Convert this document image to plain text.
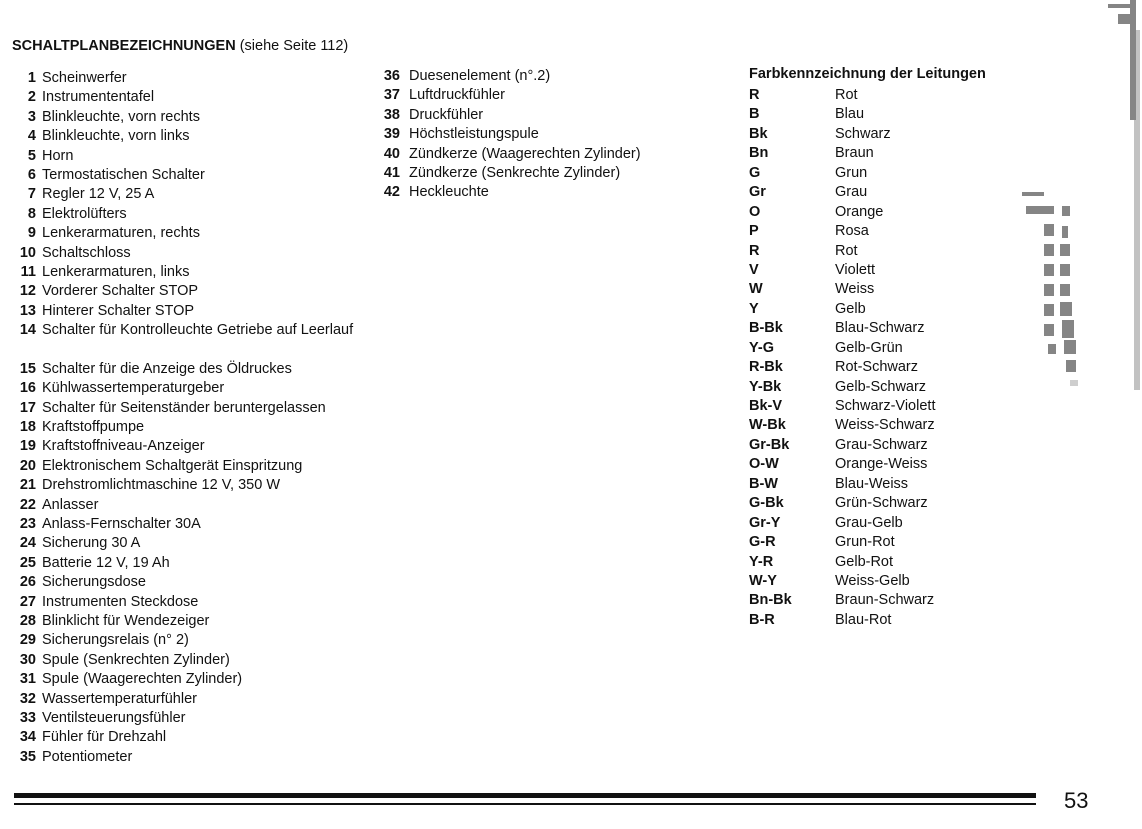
SCHALTPLANBEZEICHNUNGEN (siehe Seite 112)
1 Scheinwerfer
2 Instrumententafel
3 Blinkleuchte, vorn rechts
4 Blinkleuchte, vorn links
5 Horn
6 Termostatischen Schalter
7 Regler 12 V, 25 A
8 Elektrolüfters
9 Lenkerarmaturen, rechts
10 Schaltschloss
11 Lenkerarmaturen, links
12 Vorderer Schalter STOP
13 Hinterer Schalter STOP
14 Schalter für Kontrolleuchte Getriebe auf Leerlauf
15 Schalter für die Anzeige des Öldruckes
16 Kühlwassertemperaturgeber
17 Schalter für Seitenständer beruntergelassen
18 Kraftstoffpumpe
19 Kraftstoffniveau-Anzeiger
20 Elektronischem Schaltgerät Einspritzung
21 Drehstromlichtmaschine 12 V, 350 W
22 Anlasser
23 Anlass-Fernschalter 30A
24 Sicherung 30 A
25 Batterie 12 V, 19 Ah
26 Sicherungsdose
27 Instrumenten Steckdose
28 Blinklicht für Wendezeiger
29 Sicherungsrelais (n° 2)
30 Spule (Senkrechten Zylinder)
31 Spule (Waagerechten Zylinder)
32 Wassertemperaturfühler
33 Ventilsteuerungsfühler
34 Fühler für Drehzahl
35 Potentiometer
36 Duesenelement (n°.2)
37 Luftdruckfühler
38 Druckfühler
39 Höchstleistungspule
40 Zündkerze (Waagerechten Zylinder)
41 Zündkerze (Senkrechte Zylinder)
42 Heckleuchte
Farbkennzeichnung der Leitungen
R	Rot
B	Blau
Bk	Schwarz
Bn	Braun
G	Grun
Gr	Grau
O	Orange
P	Rosa
R	Rot
V	Violett
W	Weiss
Y	Gelb
B-Bk	Blau-Schwarz
Y-G	Gelb-Grün
R-Bk	Rot-Schwarz
Y-Bk	Gelb-Schwarz
Bk-V	Schwarz-Violett
W-Bk	Weiss-Schwarz
Gr-Bk	Grau-Schwarz
O-W	Orange-Weiss
B-W	Blau-Weiss
G-Bk	Grün-Schwarz
Gr-Y	Grau-Gelb
G-R	Grun-Rot
Y-R	Gelb-Rot
W-Y	Weiss-Gelb
Bn-Bk	Braun-Schwarz
B-R	Blau-Rot
53
